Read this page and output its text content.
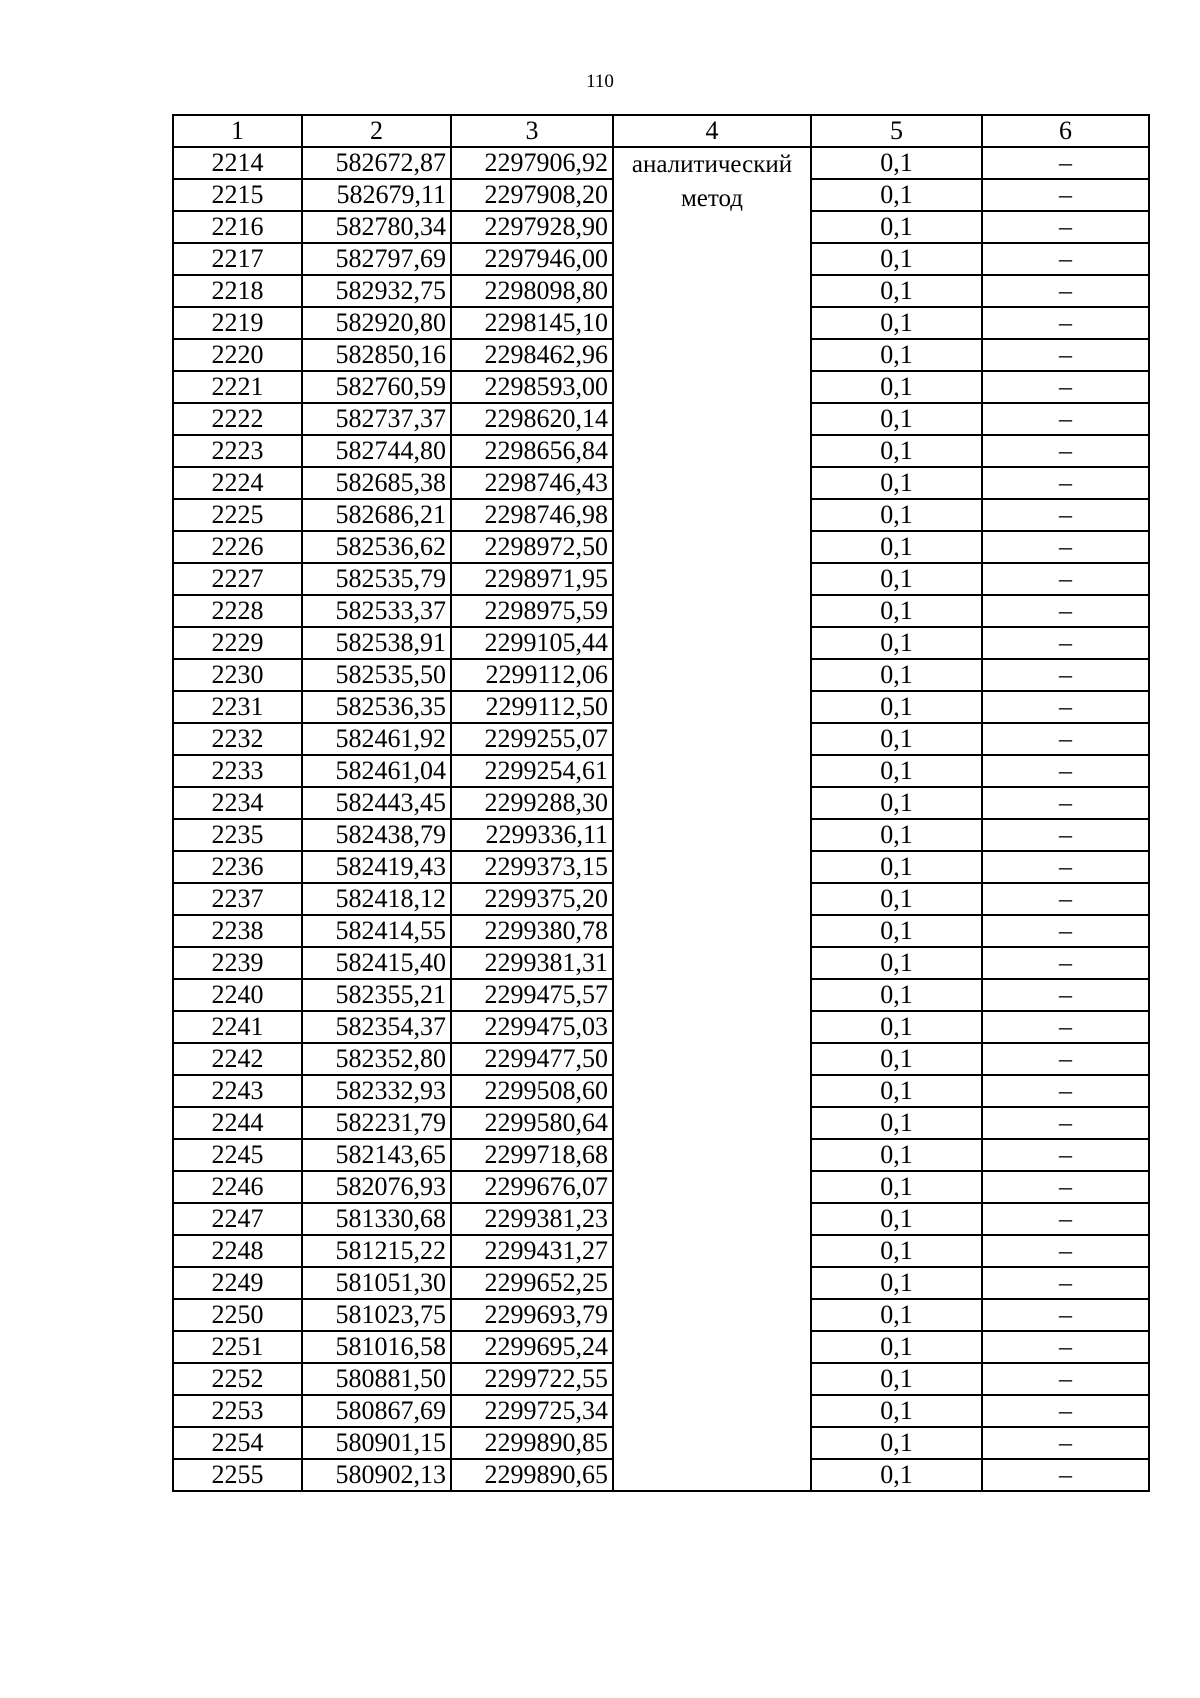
110
1	2	3	4	5	6
2214	582672,87	2297906,92	аналитический метод	0,1	–
2215	582679,11	2297908,20		0,1	–
2216	582780,34	2297928,90		0,1	–
2217	582797,69	2297946,00		0,1	–
2218	582932,75	2298098,80		0,1	–
2219	582920,80	2298145,10		0,1	–
2220	582850,16	2298462,96		0,1	–
2221	582760,59	2298593,00		0,1	–
2222	582737,37	2298620,14		0,1	–
2223	582744,80	2298656,84		0,1	–
2224	582685,38	2298746,43		0,1	–
2225	582686,21	2298746,98		0,1	–
2226	582536,62	2298972,50		0,1	–
2227	582535,79	2298971,95		0,1	–
2228	582533,37	2298975,59		0,1	–
2229	582538,91	2299105,44		0,1	–
2230	582535,50	2299112,06		0,1	–
2231	582536,35	2299112,50		0,1	–
2232	582461,92	2299255,07		0,1	–
2233	582461,04	2299254,61		0,1	–
2234	582443,45	2299288,30		0,1	–
2235	582438,79	2299336,11		0,1	–
2236	582419,43	2299373,15		0,1	–
2237	582418,12	2299375,20		0,1	–
2238	582414,55	2299380,78		0,1	–
2239	582415,40	2299381,31		0,1	–
2240	582355,21	2299475,57		0,1	–
2241	582354,37	2299475,03		0,1	–
2242	582352,80	2299477,50		0,1	–
2243	582332,93	2299508,60		0,1	–
2244	582231,79	2299580,64		0,1	–
2245	582143,65	2299718,68		0,1	–
2246	582076,93	2299676,07		0,1	–
2247	581330,68	2299381,23		0,1	–
2248	581215,22	2299431,27		0,1	–
2249	581051,30	2299652,25		0,1	–
2250	581023,75	2299693,79		0,1	–
2251	581016,58	2299695,24		0,1	–
2252	580881,50	2299722,55		0,1	–
2253	580867,69	2299725,34		0,1	–
2254	580901,15	2299890,85		0,1	–
2255	580902,13	2299890,65		0,1	–
